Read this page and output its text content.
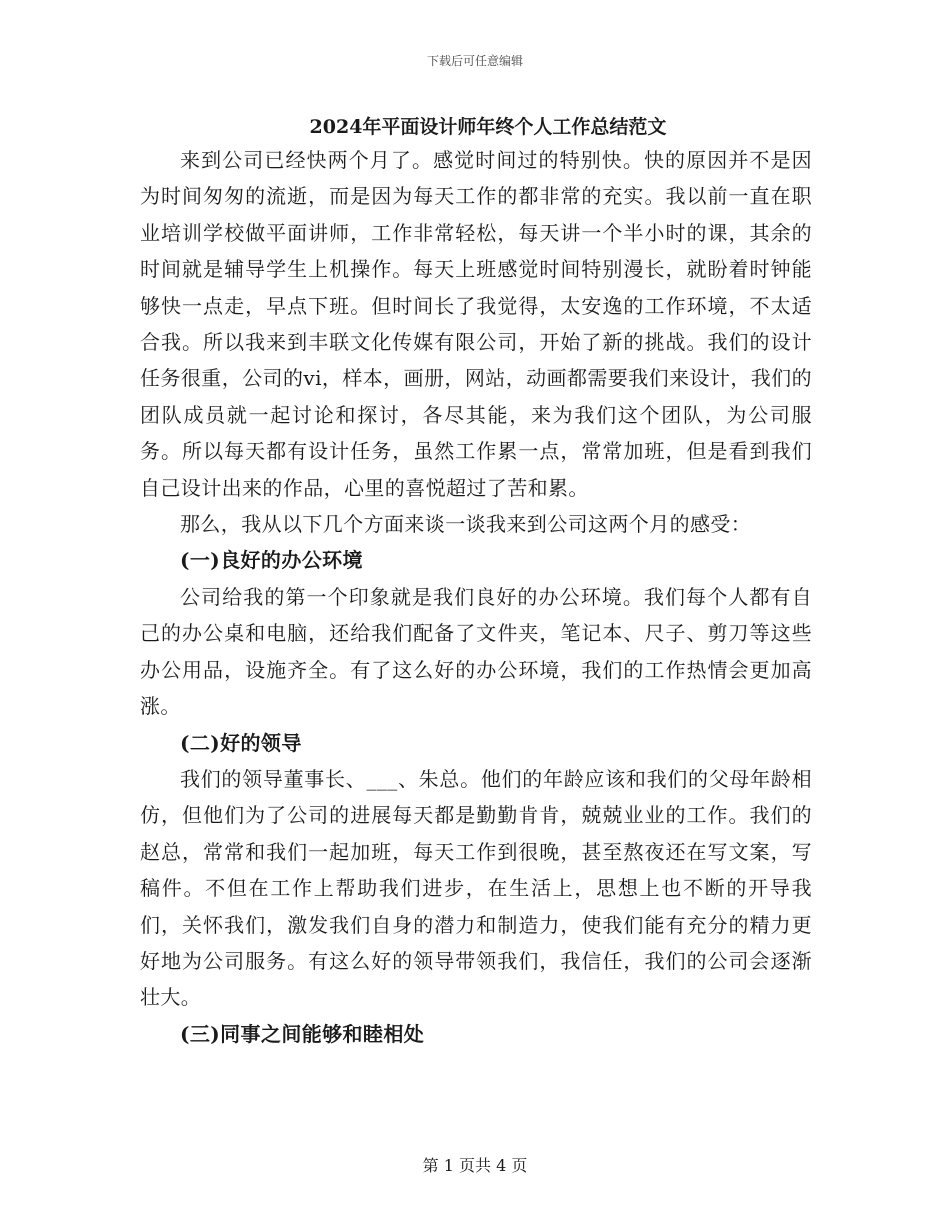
下载后可任意编辑
2024年平面设计师年终个人工作总结范文

来到公司已经快两个月了。感觉时间过的特别快。快的原因并不是因为时间匆匆的流逝，而是因为每天工作的都非常的充实。我以前一直在职业培训学校做平面讲师，工作非常轻松，每天讲一个半小时的课，其余的时间就是辅导学生上机操作。每天上班感觉时间特别漫长，就盼着时钟能够快一点走，早点下班。但时间长了我觉得，太安逸的工作环境，不太适合我。所以我来到丰联文化传媒有限公司，开始了新的挑战。我们的设计任务很重，公司的vi，样本，画册，网站，动画都需要我们来设计，我们的团队成员就一起讨论和探讨，各尽其能，来为我们这个团队，为公司服务。所以每天都有设计任务，虽然工作累一点，常常加班，但是看到我们自己设计出来的作品，心里的喜悦超过了苦和累。

那么，我从以下几个方面来谈一谈我来到公司这两个月的感受：

(一)良好的办公环境

公司给我的第一个印象就是我们良好的办公环境。我们每个人都有自己的办公桌和电脑，还给我们配备了文件夹，笔记本、尺子、剪刀等这些办公用品，设施齐全。有了这么好的办公环境，我们的工作热情会更加高涨。

(二)好的领导

我们的领导董事长、___、朱总。他们的年龄应该和我们的父母年龄相仿，但他们为了公司的进展每天都是勤勤肯肯，兢兢业业的工作。我们的赵总，常常和我们一起加班，每天工作到很晚，甚至熬夜还在写文案，写稿件。不但在工作上帮助我们进步，在生活上，思想上也不断的开导我们，关怀我们，激发我们自身的潜力和制造力，使我们能有充分的精力更好地为公司服务。有这么好的领导带领我们，我信任，我们的公司会逐渐壮大。

(三)同事之间能够和睦相处
第 1 页共 4 页
